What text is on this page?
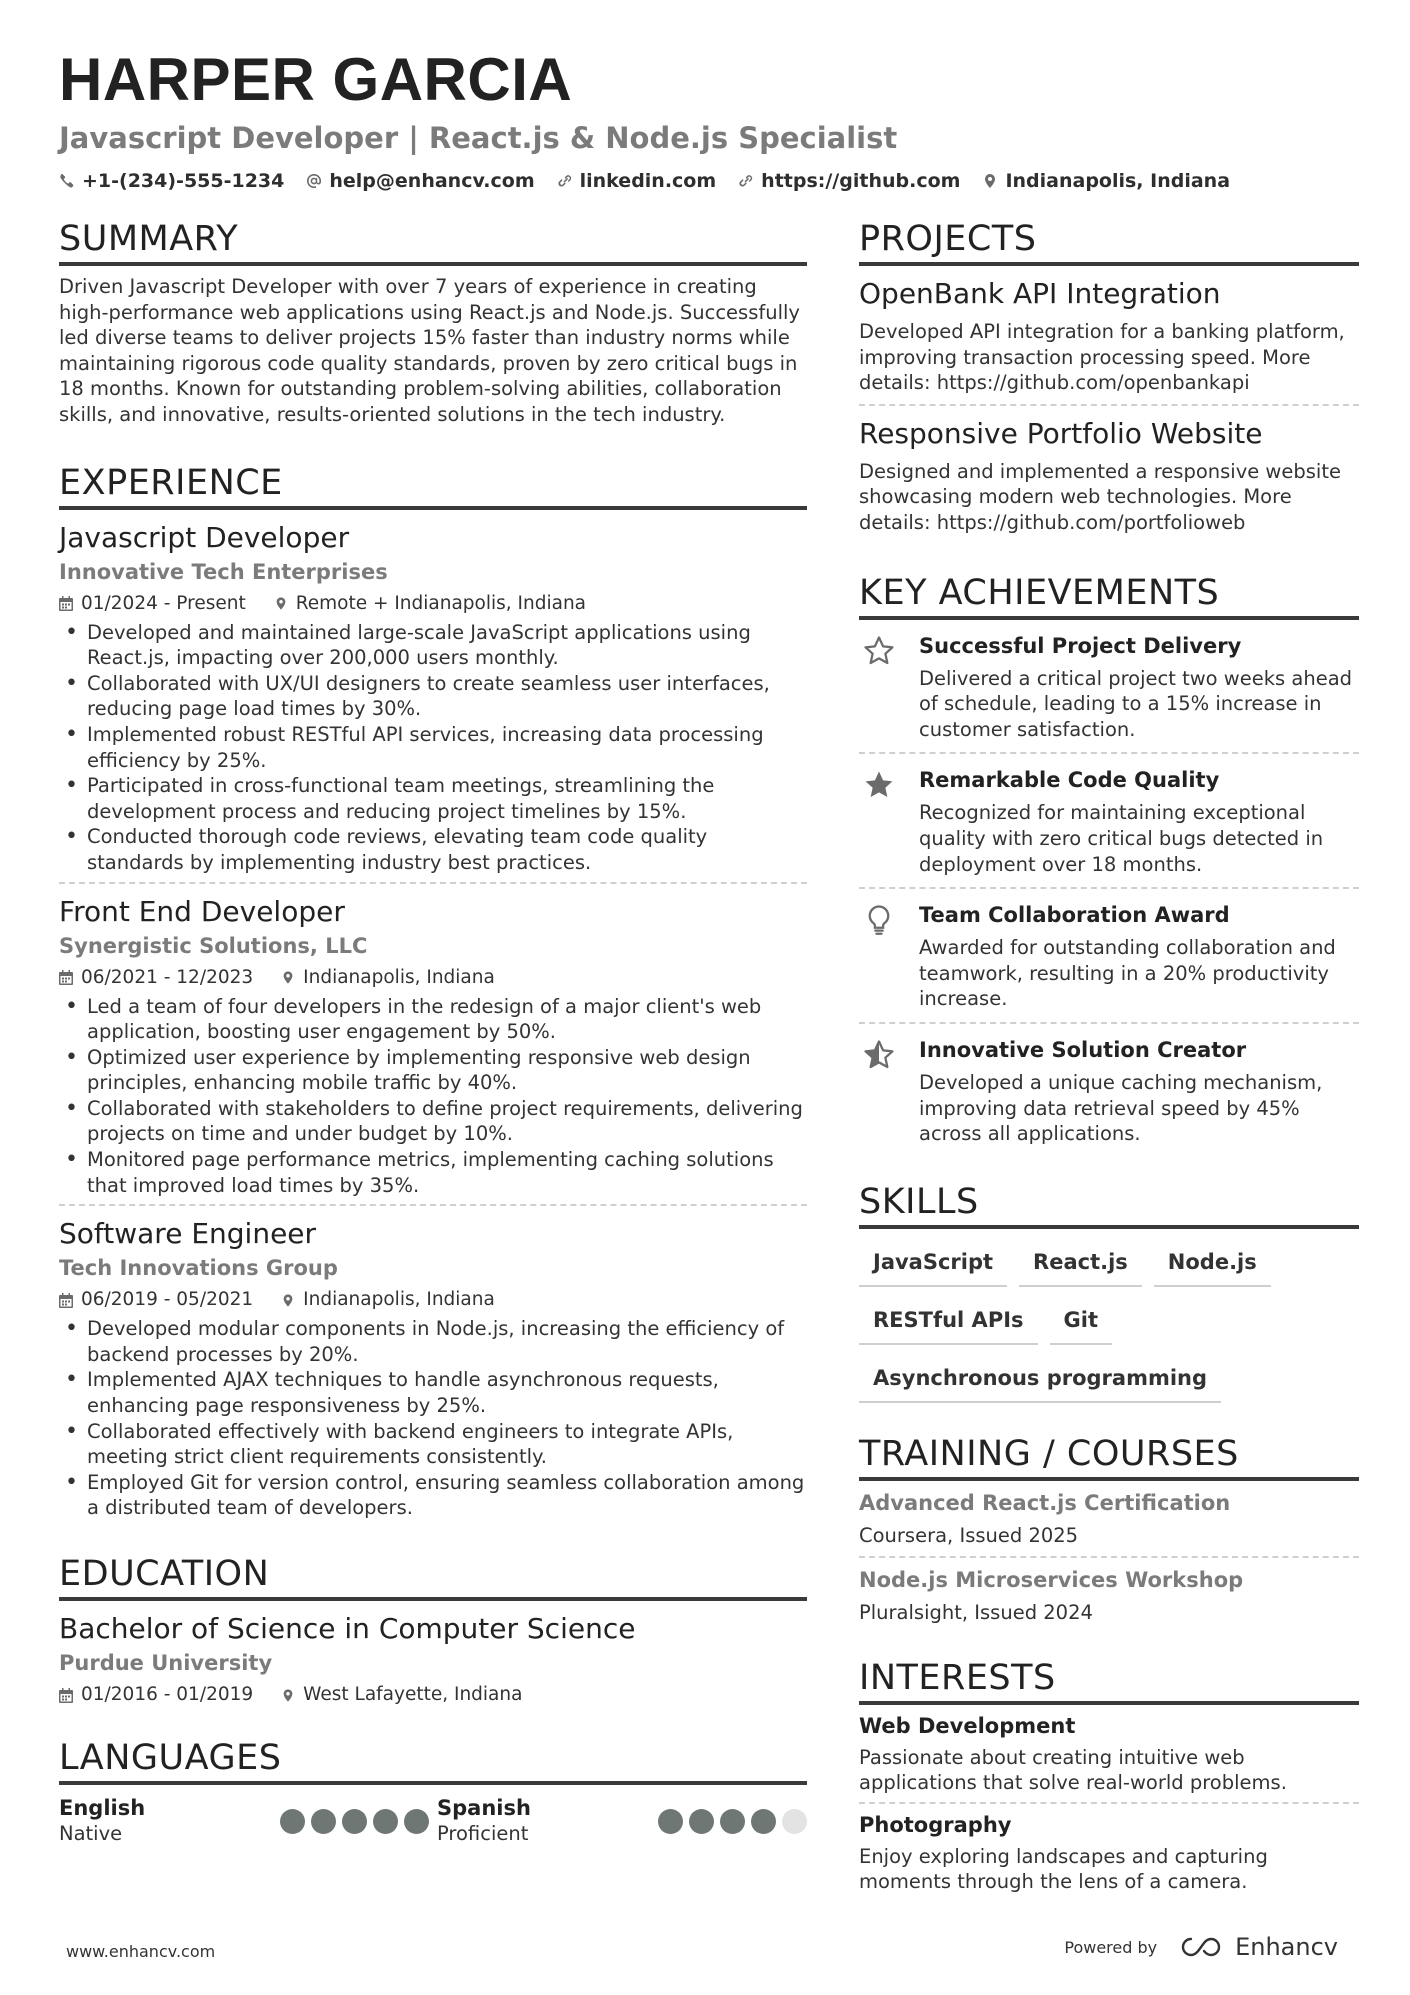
HARPER GARCIA
Javascript Developer | React.js & Node.js Specialist
+1-(234)-555-1234 help@enhancv.com linkedin.com https://github.com Indianapolis, Indiana
SUMMARY
Driven Javascript Developer with over 7 years of experience in creating high-performance web applications using React.js and Node.js. Successfully led diverse teams to deliver projects 15% faster than industry norms while maintaining rigorous code quality standards, proven by zero critical bugs in 18 months. Known for outstanding problem-solving abilities, collaboration skills, and innovative, results-oriented solutions in the tech industry.
EXPERIENCE
Javascript Developer
Innovative Tech Enterprises
01/2024 - Present	Remote + Indianapolis, Indiana
• Developed and maintained large-scale JavaScript applications using React.js, impacting over 200,000 users monthly.
• Collaborated with UX/UI designers to create seamless user interfaces, reducing page load times by 30%.
• Implemented robust RESTful API services, increasing data processing efficiency by 25%.
• Participated in cross-functional team meetings, streamlining the development process and reducing project timelines by 15%.
• Conducted thorough code reviews, elevating team code quality standards by implementing industry best practices.
Front End Developer
Synergistic Solutions, LLC
06/2021 - 12/2023	Indianapolis, Indiana
• Led a team of four developers in the redesign of a major client's web application, boosting user engagement by 50%.
• Optimized user experience by implementing responsive web design principles, enhancing mobile traffic by 40%.
• Collaborated with stakeholders to define project requirements, delivering projects on time and under budget by 10%.
• Monitored page performance metrics, implementing caching solutions that improved load times by 35%.
Software Engineer
Tech Innovations Group
06/2019 - 05/2021	Indianapolis, Indiana
• Developed modular components in Node.js, increasing the efficiency of backend processes by 20%.
• Implemented AJAX techniques to handle asynchronous requests, enhancing page responsiveness by 25%.
• Collaborated effectively with backend engineers to integrate APIs, meeting strict client requirements consistently.
• Employed Git for version control, ensuring seamless collaboration among a distributed team of developers.
EDUCATION
Bachelor of Science in Computer Science
Purdue University
01/2016 - 01/2019	West Lafayette, Indiana
LANGUAGES
English
Native
Spanish
Proficient
PROJECTS
OpenBank API Integration
Developed API integration for a banking platform, improving transaction processing speed. More details: https://github.com/openbankapi
Responsive Portfolio Website
Designed and implemented a responsive website showcasing modern web technologies. More details: https://github.com/portfolioweb
KEY ACHIEVEMENTS
Successful Project Delivery
Delivered a critical project two weeks ahead of schedule, leading to a 15% increase in customer satisfaction.
Remarkable Code Quality
Recognized for maintaining exceptional quality with zero critical bugs detected in deployment over 18 months.
Team Collaboration Award
Awarded for outstanding collaboration and teamwork, resulting in a 20% productivity increase.
Innovative Solution Creator
Developed a unique caching mechanism, improving data retrieval speed by 45% across all applications.
SKILLS
JavaScript	React.js	Node.js
RESTful APIs	Git
Asynchronous programming
TRAINING / COURSES
Advanced React.js Certification
Coursera, Issued 2025
Node.js Microservices Workshop
Pluralsight, Issued 2024
INTERESTS
Web Development
Passionate about creating intuitive web applications that solve real-world problems.
Photography
Enjoy exploring landscapes and capturing moments through the lens of a camera.
www.enhancv.com	Powered by	Enhancv
